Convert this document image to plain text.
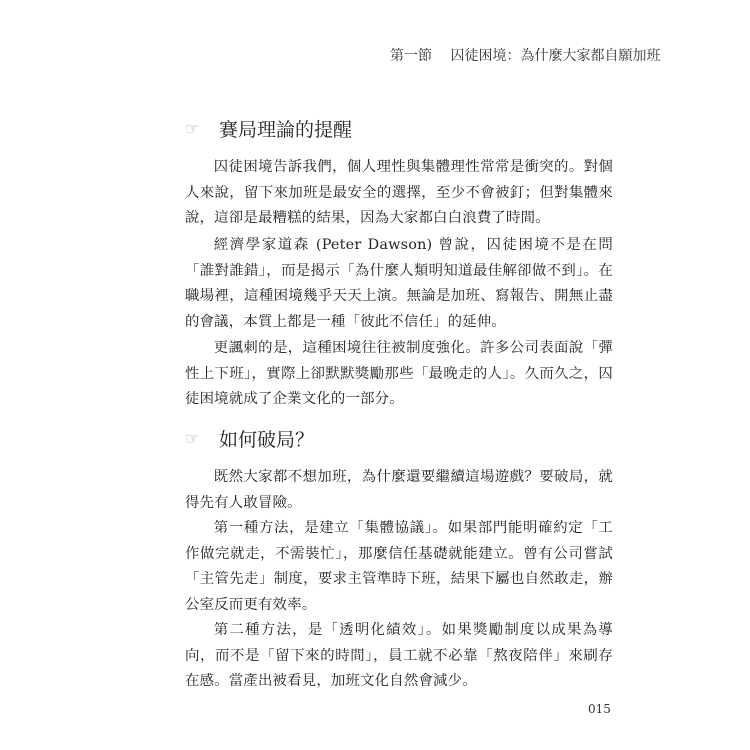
第一節 囚徒困境：為什麼大家都自願加班
☞	賽局理論的提醒

囚徒困境告訴我們，個人理性與集體理性常常是衝突的。對個人來說，留下來加班是最安全的選擇，至少不會被釘；但對集體來說，這卻是最糟糕的結果，因為大家都白白浪費了時間。

經濟學家道森 (Peter Dawson) 曾說，囚徒困境不是在問「誰對誰錯」，而是揭示「為什麼人類明知道最佳解卻做不到」。在職場裡，這種困境幾乎天天上演。無論是加班、寫報告、開無止盡的會議，本質上都是一種「彼此不信任」的延伸。

更諷刺的是，這種困境往往被制度強化。許多公司表面說「彈性上下班」，實際上卻默默獎勵那些「最晚走的人」。久而久之，囚徒困境就成了企業文化的一部分。

☞	如何破局？

既然大家都不想加班，為什麼還要繼續這場遊戲？要破局，就得先有人敢冒險。

第一種方法，是建立「集體協議」。如果部門能明確約定「工作做完就走，不需裝忙」，那麼信任基礎就能建立。曾有公司嘗試「主管先走」制度，要求主管準時下班，結果下屬也自然敢走，辦公室反而更有效率。

第二種方法，是「透明化績效」。如果獎勵制度以成果為導向，而不是「留下來的時間」，員工就不必靠「熬夜陪伴」來刷存在感。當產出被看見，加班文化自然會減少。

015
